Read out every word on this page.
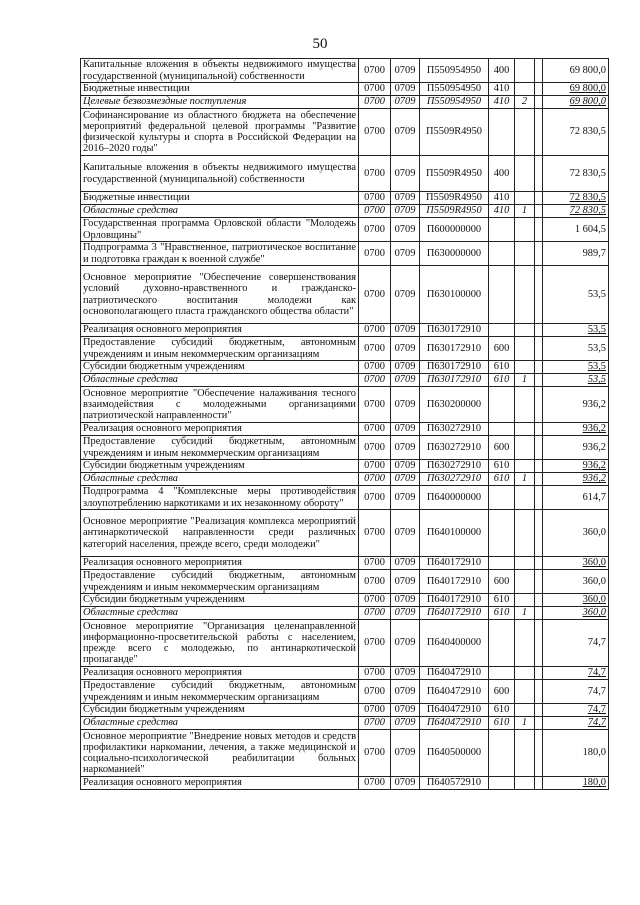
50
Капитальные вложения в объекты недвижимого имущества государственной (муниципальной) собственности	0700	0709	П550954950	400			69 800,0
Бюджетные инвестиции	0700	0709	П550954950	410			69 800,0
Целевые безвозмездные поступления	0700	0709	П550954950	410	2		69 800,0
Софинансирование из областного бюджета на обеспечение мероприятий федеральной целевой программы "Развитие физической культуры и спорта в Российской Федерации на 2016–2020 годы"	0700	0709	П5509R4950				72 830,5
Капитальные вложения в объекты недвижимого имущества государственной (муниципальной) собственности	0700	0709	П5509R4950	400			72 830,5
Бюджетные инвестиции	0700	0709	П5509R4950	410			72 830,5
Областные средства	0700	0709	П5509R4950	410	1		72 830,5
Государственная программа Орловской области "Молодежь Орловщины"	0700	0709	П600000000				1 604,5
Подпрограмма 3 "Нравственное, патриотическое воспитание и подготовка граждан к военной службе"	0700	0709	П630000000				989,7
Основное мероприятие "Обеспечение совершенствования условий духовно-нравственного и гражданско-патриотического воспитания молодежи как основополагающего пласта гражданского общества области"	0700	0709	П630100000				53,5
Реализация основного мероприятия	0700	0709	П630172910				53,5
Предоставление субсидий бюджетным, автономным учреждениям и иным некоммерческим организациям	0700	0709	П630172910	600			53,5
Субсидии бюджетным учреждениям	0700	0709	П630172910	610			53,5
Областные средства	0700	0709	П630172910	610	1		53,5
Основное мероприятие "Обеспечение налаживания тесного взаимодействия с молодежными организациями патриотической направленности"	0700	0709	П630200000				936,2
Реализация основного мероприятия	0700	0709	П630272910				936,2
Предоставление субсидий бюджетным, автономным учреждениям и иным некоммерческим организациям	0700	0709	П630272910	600			936,2
Субсидии бюджетным учреждениям	0700	0709	П630272910	610			936,2
Областные средства	0700	0709	П630272910	610	1		936,2
Подпрограмма 4 "Комплексные меры противодействия злоупотреблению наркотиками и их незаконному обороту"	0700	0709	П640000000				614,7
Основное мероприятие "Реализация комплекса мероприятий антинаркотической направленности среди различных категорий населения, прежде всего, среди молодежи"	0700	0709	П640100000				360,0
Реализация основного мероприятия	0700	0709	П640172910				360,0
Предоставление субсидий бюджетным, автономным учреждениям и иным некоммерческим организациям	0700	0709	П640172910	600			360,0
Субсидии бюджетным учреждениям	0700	0709	П640172910	610			360,0
Областные средства	0700	0709	П640172910	610	1		360,0
Основное мероприятие "Организация целенаправленной информационно-просветительской работы с населением, прежде всего с молодежью, по антинаркотической пропаганде"	0700	0709	П640400000				74,7
Реализация основного мероприятия	0700	0709	П640472910				74,7
Предоставление субсидий бюджетным, автономным учреждениям и иным некоммерческим организациям	0700	0709	П640472910	600			74,7
Субсидии бюджетным учреждениям	0700	0709	П640472910	610			74,7
Областные средства	0700	0709	П640472910	610	1		74,7
Основное мероприятие "Внедрение новых методов и средств профилактики наркомании, лечения, а также медицинской и социально-психологической реабилитации больных наркоманией"	0700	0709	П640500000				180,0
Реализация основного мероприятия	0700	0709	П640572910				180,0
